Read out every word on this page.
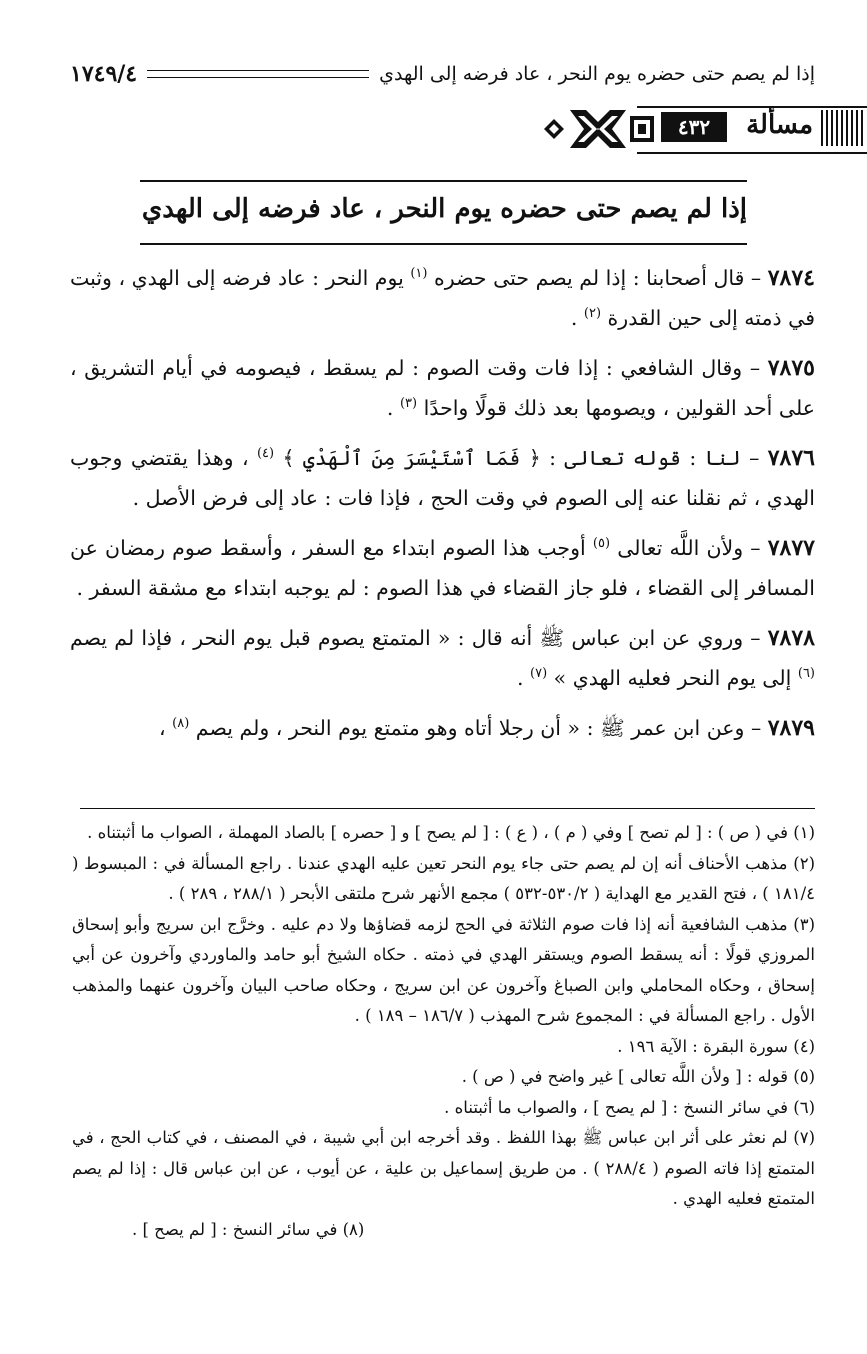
إذا لم يصم حتى حضره يوم النحر ، عاد فرضه إلى الهدي
١٧٤٩/٤
مسألة
٤٣٢
إذا لم يصم حتى حضره يوم النحر ، عاد فرضه إلى الهدي

٧٨٧٤ – قال أصحابنا : إذا لم يصم حتى حضره $^{(١)}$ يوم النحر : عاد فرضه إلى الهدي ، وثبت في ذمته إلى حين القدرة $^{(٢)}$ .

٧٨٧٥ – وقال الشافعي : إذا فات وقت الصوم : لم يسقط ، فيصومه في أيام التشريق ، على أحد القولين ، ويصومها بعد ذلك قولًا واحدًا $^{(٣)}$ .

٧٨٧٦ – لنا : قوله تعالى : ﴿ فَمَا ٱسْتَيْسَرَ مِنَ ٱلْهَدْيِ ﴾ $^{(٤)}$ ، وهذا يقتضي وجوب الهدي ، ثم نقلنا عنه إلى الصوم في وقت الحج ، فإذا فات : عاد إلى فرض الأصل .

٧٨٧٧ – ولأن اللَّه تعالى $^{(٥)}$ أوجب هذا الصوم ابتداء مع السفر ، وأسقط صوم رمضان عن المسافر إلى القضاء ، فلو جاز القضاء في هذا الصوم : لم يوجبه ابتداء مع مشقة السفر .

٧٨٧٨ – وروي عن ابن عباس ﷺ أنه قال : « المتمتع يصوم قبل يوم النحر ، فإذا لم يصم $^{(٦)}$ إلى يوم النحر فعليه الهدي » $^{(٧)}$ .

٧٨٧٩ – وعن ابن عمر ﷺ : « أن رجلا أتاه وهو متمتع يوم النحر ، ولم يصم $^{(٨)}$ ،

(١) في ( ص ) : [ لم تصح ] وفي ( م ) ، ( ع ) : [ لم يصح ] و [ حصره ] بالصاد المهملة ، الصواب ما أثبتناه .

(٢) مذهب الأحناف أنه إن لم يصم حتى جاء يوم النحر تعين عليه الهدي عندنا . راجع المسألة في : المبسوط ( ١٨١/٤ ) ، فتح القدير مع الهداية ( ٥٣٠/٢-٥٣٢ ) مجمع الأنهر شرح ملتقى الأبحر ( ٢٨٨/١ ، ٢٨٩ ) .

(٣) مذهب الشافعية أنه إذا فات صوم الثلاثة في الحج لزمه قضاؤها ولا دم عليه . وخرَّج ابن سريج وأبو إسحاق المروزي قولًا : أنه يسقط الصوم ويستقر الهدي في ذمته . حكاه الشيخ أبو حامد والماوردي وآخرون عن أبي إسحاق ، وحكاه المحاملي وابن الصباغ وآخرون عن ابن سريج ، وحكاه صاحب البيان وآخرون عنهما والمذهب الأول . راجع المسألة في : المجموع شرح المهذب ( ١٨٦/٧ – ١٨٩ ) .

(٤) سورة البقرة : الآية ١٩٦ .

(٥) قوله : [ ولأن اللَّه تعالى ] غير واضح في ( ص ) .

(٦) في سائر النسخ : [ لم يصح ] ، والصواب ما أثبتناه .

(٧) لم نعثر على أثر ابن عباس ﷺ بهذا اللفظ . وقد أخرجه ابن أبي شيبة ، في المصنف ، في كتاب الحج ، في المتمتع إذا فاته الصوم ( ٢٨٨/٤ ) . من طريق إسماعيل بن علية ، عن أيوب ، عن ابن عباس قال : إذا لم يصم المتمتع فعليه الهدي .

(٨) في سائر النسخ : [ لم يصح ] .
